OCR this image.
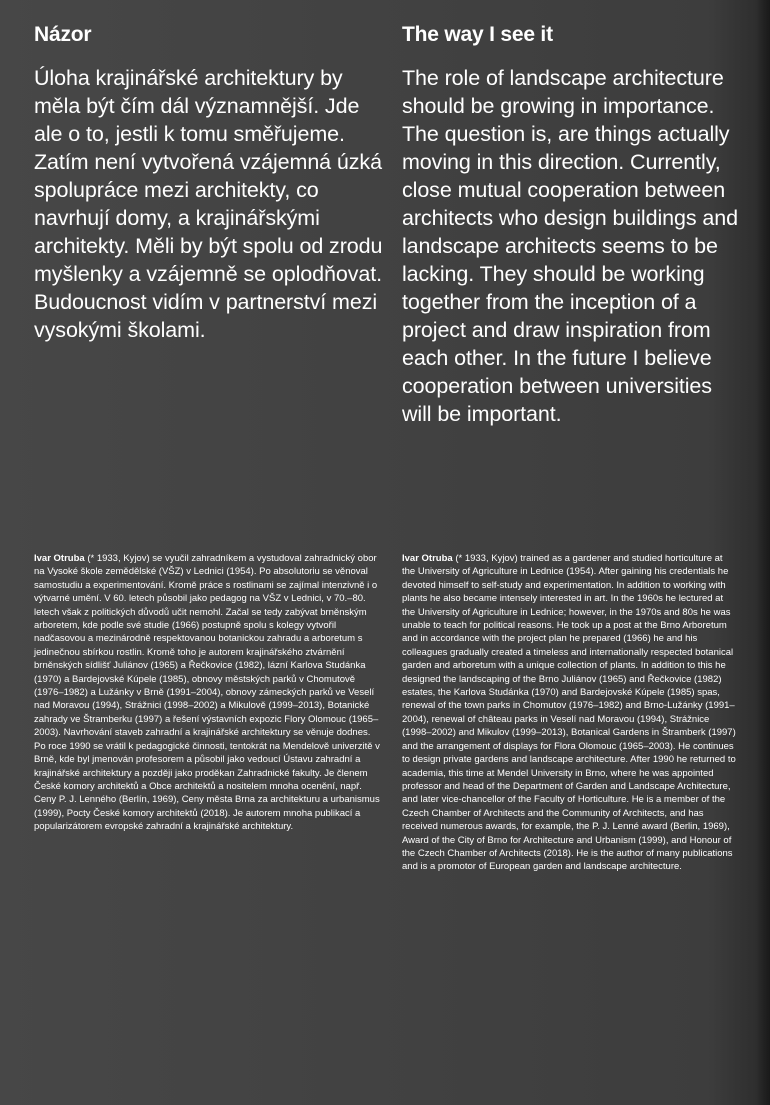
Názor

Úloha krajinářské architektury by měla být čím dál významnější. Jde ale o to, jestli k tomu směřujeme. Zatím není vytvořená vzájemná úzká spolupráce mezi architekty, co navrhují domy, a krajinářskými architekty. Měli by být spolu od zrodu myšlenky a vzájemně se oplodňovat. Budoucnost vidím v partnerství mezi vysokými školami.

The way I see it

The role of landscape architecture should be growing in importance. The question is, are things actually moving in this direction. Currently, close mutual cooperation between architects who design buildings and landscape architects seems to be lacking. They should be working together from the inception of a project and draw inspiration from each other. In the future I believe cooperation between universities will be important.

Ivar Otruba (* 1933, Kyjov) se vyučil zahradníkem a vystudoval zahradnický obor na Vysoké škole zemědělské (VŠZ) v Lednici (1954). Po absolutoriu se věnoval samostudiu a experimentování. Kromě práce s rostlinami se zajímal intenzivně i o výtvarné umění. V 60. letech působil jako pedagog na VŠZ v Lednici, v 70.–80. letech však z politických důvodů učit nemohl. Začal se tedy zabývat brněnským arboretem, kde podle své studie (1966) postupně spolu s kolegy vytvořil nadčasovou a mezinárodně respektovanou botanickou zahradu a arboretum s jedinečnou sbírkou rostlin. Kromě toho je autorem krajinářského ztvárnění brněnských sídlišť Juliánov (1965) a Řečkovice (1982), lázní Karlova Studánka (1970) a Bardejovské Kúpele (1985), obnovy městských parků v Chomutově (1976–1982) a Lužánky v Brně (1991–2004), obnovy zámeckých parků ve Veselí nad Moravou (1994), Strážnici (1998–2002) a Mikulově (1999–2013), Botanické zahrady ve Štramberku (1997) a řešení výstavních expozic Flory Olomouc (1965–2003). Navrhování staveb zahradní a krajinářské architektury se věnuje dodnes. Po roce 1990 se vrátil k pedagogické činnosti, tentokrát na Mendelově univerzitě v Brně, kde byl jmenován profesorem a působil jako vedoucí Ústavu zahradní a krajinářské architektury a později jako proděkan Zahradnické fakulty. Je členem České komory architektů a Obce architektů a nositelem mnoha ocenění, např. Ceny P. J. Lenného (Berlín, 1969), Ceny města Brna za architekturu a urbanismus (1999), Pocty České komory architektů (2018). Je autorem mnoha publikací a popularizátorem evropské zahradní a krajinářské architektury.

Ivar Otruba (* 1933, Kyjov) trained as a gardener and studied horticulture at the University of Agriculture in Lednice (1954). After gaining his credentials he devoted himself to self-study and experimentation. In addition to working with plants he also became intensely interested in art. In the 1960s he lectured at the University of Agriculture in Lednice; however, in the 1970s and 80s he was unable to teach for political reasons. He took up a post at the Brno Arboretum and in accordance with the project plan he prepared (1966) he and his colleagues gradually created a timeless and internationally respected botanical garden and arboretum with a unique collection of plants. In addition to this he designed the landscaping of the Brno Juliánov (1965) and Řečkovice (1982) estates, the Karlova Studánka (1970) and Bardejovské Kúpele (1985) spas, renewal of the town parks in Chomutov (1976–1982) and Brno-Lužánky (1991–2004), renewal of château parks in Veselí nad Moravou (1994), Strážnice (1998–2002) and Mikulov (1999–2013), Botanical Gardens in Štramberk (1997) and the arrangement of displays for Flora Olomouc (1965–2003). He continues to design private gardens and landscape architecture. After 1990 he returned to academia, this time at Mendel University in Brno, where he was appointed professor and head of the Department of Garden and Landscape Architecture, and later vice-chancellor of the Faculty of Horticulture. He is a member of the Czech Chamber of Architects and the Community of Architects, and has received numerous awards, for example, the P. J. Lenné award (Berlin, 1969), Award of the City of Brno for Architecture and Urbanism (1999), and Honour of the Czech Chamber of Architects (2018). He is the author of many publications and is a promotor of European garden and landscape architecture.
